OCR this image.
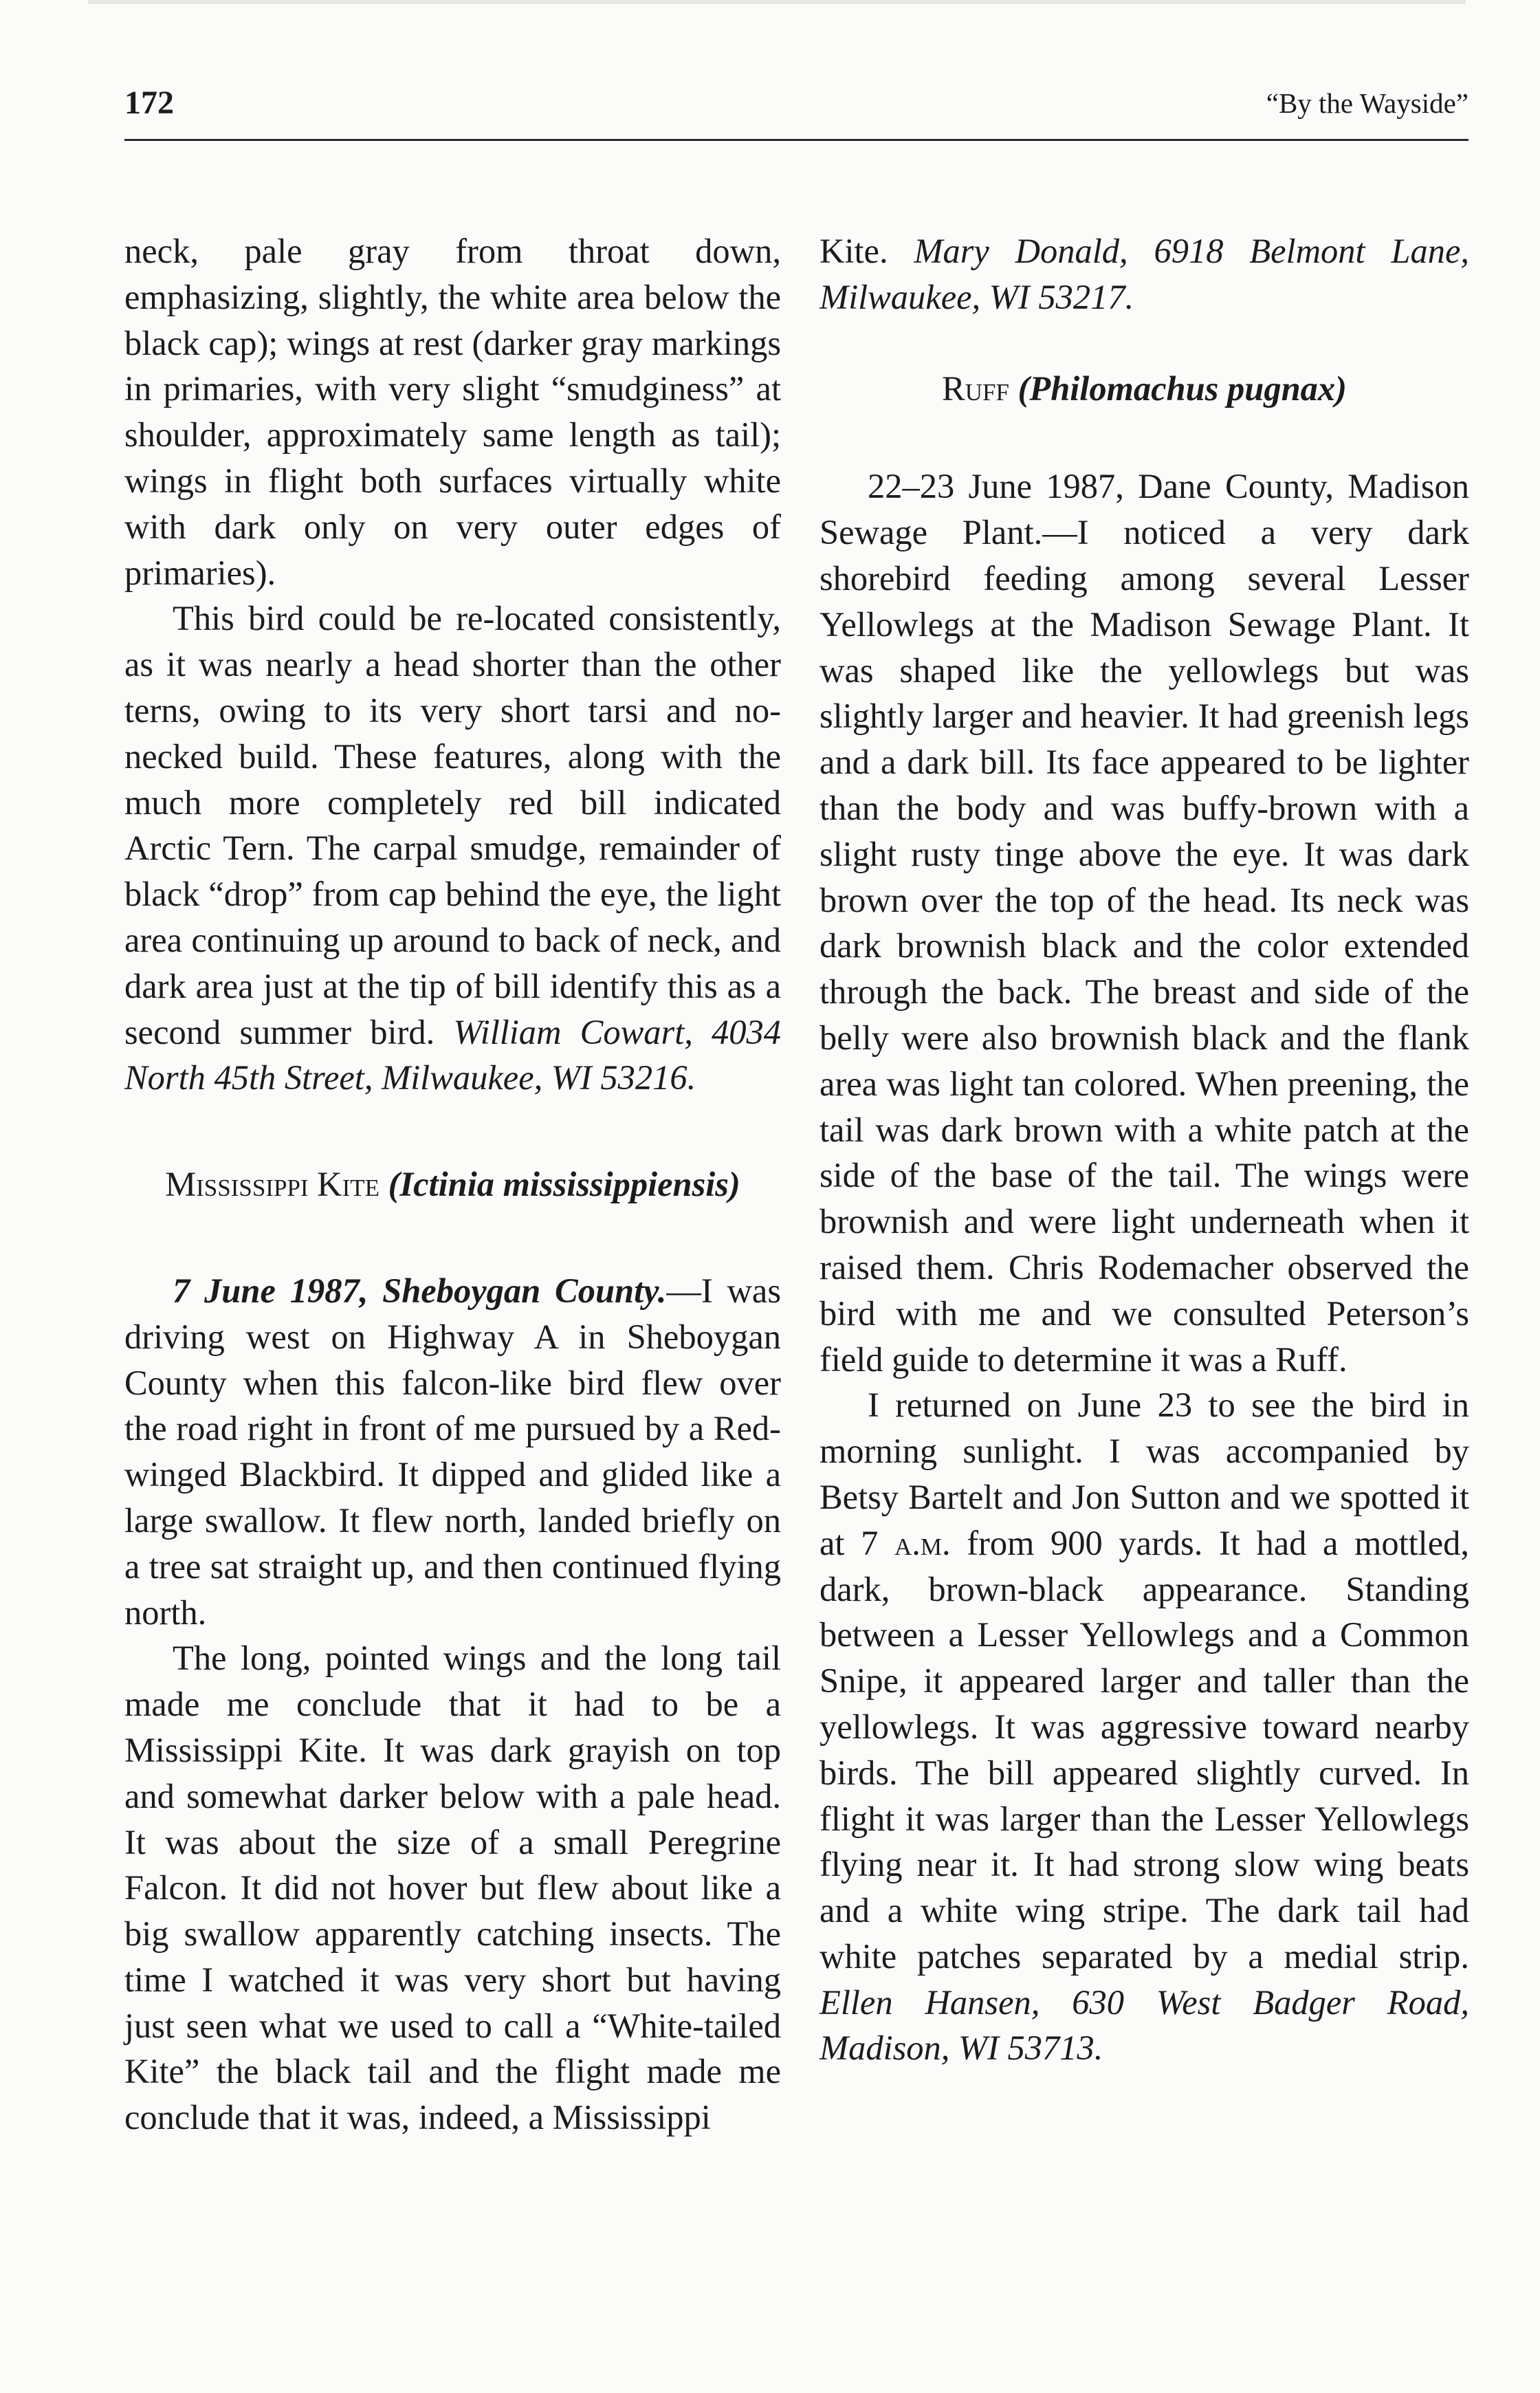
172	“By the Wayside”

neck, pale gray from throat down, emphasizing, slightly, the white area below the black cap); wings at rest (darker gray markings in primaries, with very slight “smudginess” at shoulder, approximately same length as tail); wings in flight both surfaces virtually white with dark only on very outer edges of primaries).

This bird could be re-located consistently, as it was nearly a head shorter than the other terns, owing to its very short tarsi and no-necked build. These features, along with the much more completely red bill indicated Arctic Tern. The carpal smudge, remainder of black “drop” from cap behind the eye, the light area continuing up around to back of neck, and dark area just at the tip of bill identify this as a second summer bird. William Cowart, 4034 North 45th Street, Milwaukee, WI 53216.

Mississippi Kite (Ictinia mississippiensis)

7 June 1987, Sheboygan County.—I was driving west on Highway A in Sheboygan County when this falcon-like bird flew over the road right in front of me pursued by a Red-winged Blackbird. It dipped and glided like a large swallow. It flew north, landed briefly on a tree sat straight up, and then continued flying north.

The long, pointed wings and the long tail made me conclude that it had to be a Mississippi Kite. It was dark grayish on top and somewhat darker below with a pale head. It was about the size of a small Peregrine Falcon. It did not hover but flew about like a big swallow apparently catching insects. The time I watched it was very short but having just seen what we used to call a “White-tailed Kite” the black tail and the flight made me conclude that it was, indeed, a Mississippi

Kite. Mary Donald, 6918 Belmont Lane, Milwaukee, WI 53217.

Ruff (Philomachus pugnax)

22–23 June 1987, Dane County, Madison Sewage Plant.—I noticed a very dark shorebird feeding among several Lesser Yellowlegs at the Madison Sewage Plant. It was shaped like the yellowlegs but was slightly larger and heavier. It had greenish legs and a dark bill. Its face appeared to be lighter than the body and was buffy-brown with a slight rusty tinge above the eye. It was dark brown over the top of the head. Its neck was dark brownish black and the color extended through the back. The breast and side of the belly were also brownish black and the flank area was light tan colored. When preening, the tail was dark brown with a white patch at the side of the base of the tail. The wings were brownish and were light underneath when it raised them. Chris Rodemacher observed the bird with me and we consulted Peterson’s field guide to determine it was a Ruff.

I returned on June 23 to see the bird in morning sunlight. I was accompanied by Betsy Bartelt and Jon Sutton and we spotted it at 7 a.m. from 900 yards. It had a mottled, dark, brown-black appearance. Standing between a Lesser Yellowlegs and a Common Snipe, it appeared larger and taller than the yellowlegs. It was aggressive toward nearby birds. The bill appeared slightly curved. In flight it was larger than the Lesser Yellowlegs flying near it. It had strong slow wing beats and a white wing stripe. The dark tail had white patches separated by a medial strip. Ellen Hansen, 630 West Badger Road, Madison, WI 53713.
